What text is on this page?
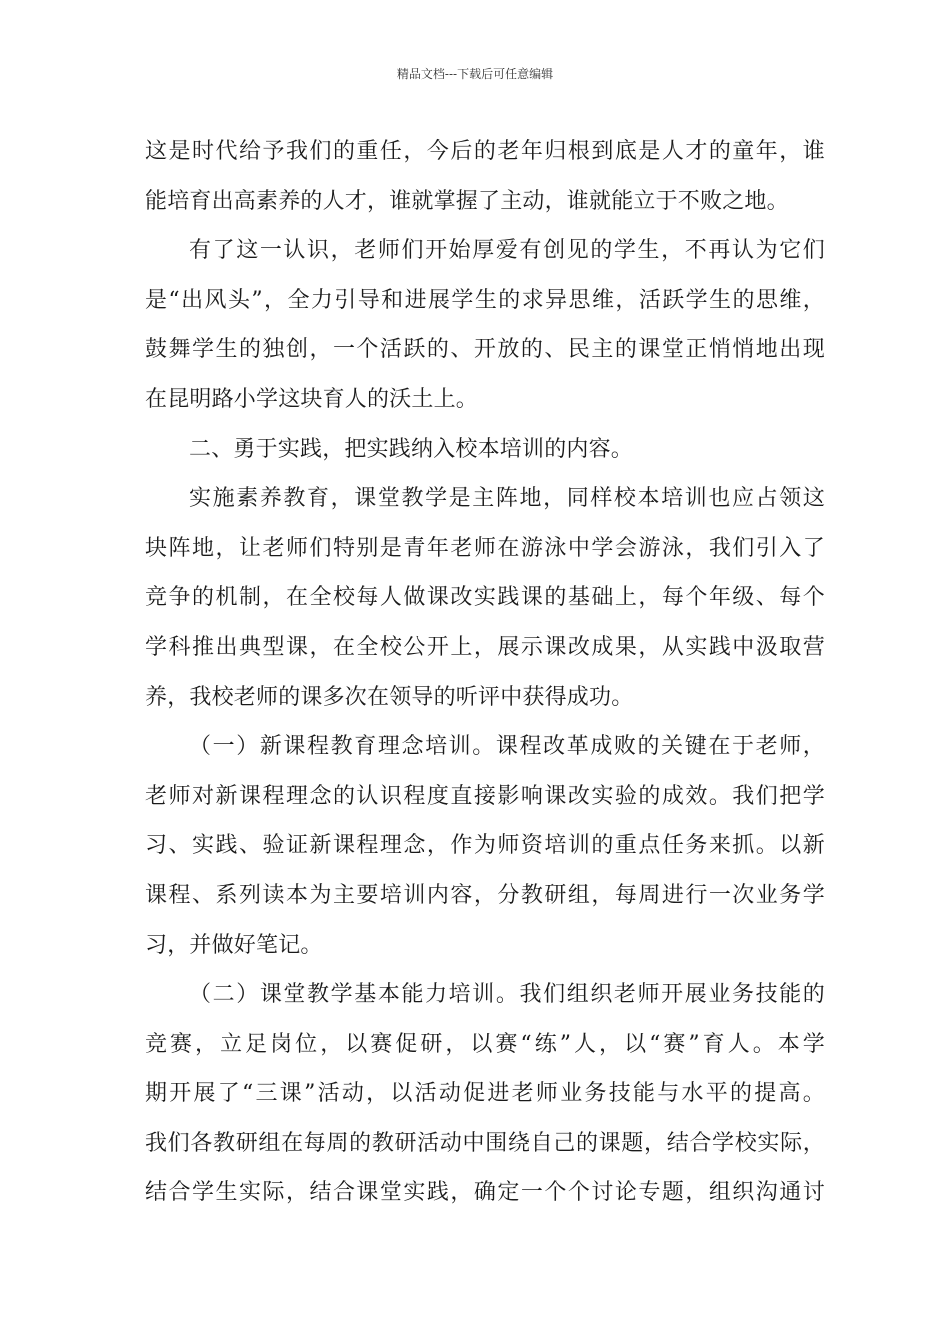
精品文档---下载后可任意编辑
这是时代给予我们的重任，今后的老年归根到底是人才的童年，谁
能培育出高素养的人才，谁就掌握了主动，谁就能立于不败之地。
有了这一认识，老师们开始厚爱有创见的学生，不再认为它们
是“出风头”，全力引导和进展学生的求异思维，活跃学生的思维，
鼓舞学生的独创，一个活跃的、开放的、民主的课堂正悄悄地出现
在昆明路小学这块育人的沃土上。
二、勇于实践，把实践纳入校本培训的内容。
实施素养教育，课堂教学是主阵地，同样校本培训也应占领这
块阵地，让老师们特别是青年老师在游泳中学会游泳，我们引入了
竞争的机制，在全校每人做课改实践课的基础上，每个年级、每个
学科推出典型课，在全校公开上，展示课改成果，从实践中汲取营
养，我校老师的课多次在领导的听评中获得成功。
（一）新课程教育理念培训。课程改革成败的关键在于老师，
老师对新课程理念的认识程度直接影响课改实验的成效。我们把学
习、实践、验证新课程理念，作为师资培训的重点任务来抓。以新
课程、系列读本为主要培训内容，分教研组，每周进行一次业务学
习，并做好笔记。
（二）课堂教学基本能力培训。我们组织老师开展业务技能的
竞赛，立足岗位，以赛促研，以赛“练”人，以“赛”育人。本学
期开展了“三课”活动，以活动促进老师业务技能与水平的提高。
我们各教研组在每周的教研活动中围绕自己的课题，结合学校实际，
结合学生实际，结合课堂实践，确定一个个讨论专题，组织沟通讨
